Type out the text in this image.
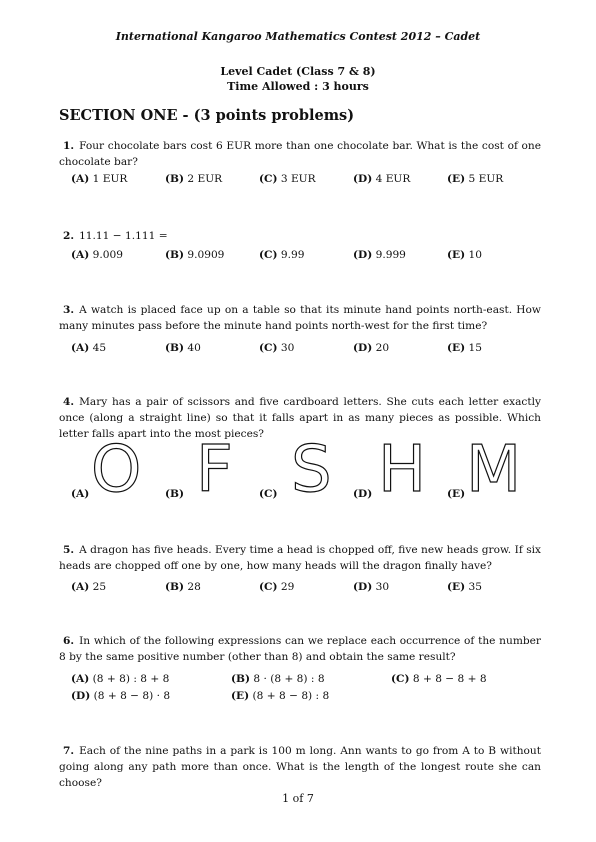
International Kangaroo Mathematics Contest 2012 – Cadet
Level Cadet (Class 7 & 8)
Time Allowed : 3 hours
SECTION ONE - (3 points problems)
1. Four chocolate bars cost 6 EUR more than one chocolate bar. What is the cost of one chocolate bar?
(A) 1 EUR	(B) 2 EUR	(C) 3 EUR	(D) 4 EUR	(E) 5 EUR
2. 11.11 − 1.111 =
(A) 9.009	(B) 9.0909	(C) 9.99	(D) 9.999	(E) 10
3. A watch is placed face up on a table so that its minute hand points north-east. How many minutes pass before the minute hand points north-west for the first time?
(A) 45	(B) 40	(C) 30	(D) 20	(E) 15
4. Mary has a pair of scissors and five cardboard letters. She cuts each letter exactly once (along a straight line) so that it falls apart in as many pieces as possible. Which letter falls apart into the most pieces?
(A)	(B)	(C)	(D)	(E)
O F S H M
5. A dragon has five heads. Every time a head is chopped off, five new heads grow. If six heads are chopped off one by one, how many heads will the dragon finally have?
(A) 25	(B) 28	(C) 29	(D) 30	(E) 35
6. In which of the following expressions can we replace each occurrence of the number 8 by the same positive number (other than 8) and obtain the same result?
(A) (8 + 8) : 8 + 8	(B) 8 · (8 + 8) : 8	(C) 8 + 8 − 8 + 8
(D) (8 + 8 − 8) · 8	(E) (8 + 8 − 8) : 8
7. Each of the nine paths in a park is 100 m long. Ann wants to go from A to B without going along any path more than once. What is the length of the longest route she can choose?
1 of 7
